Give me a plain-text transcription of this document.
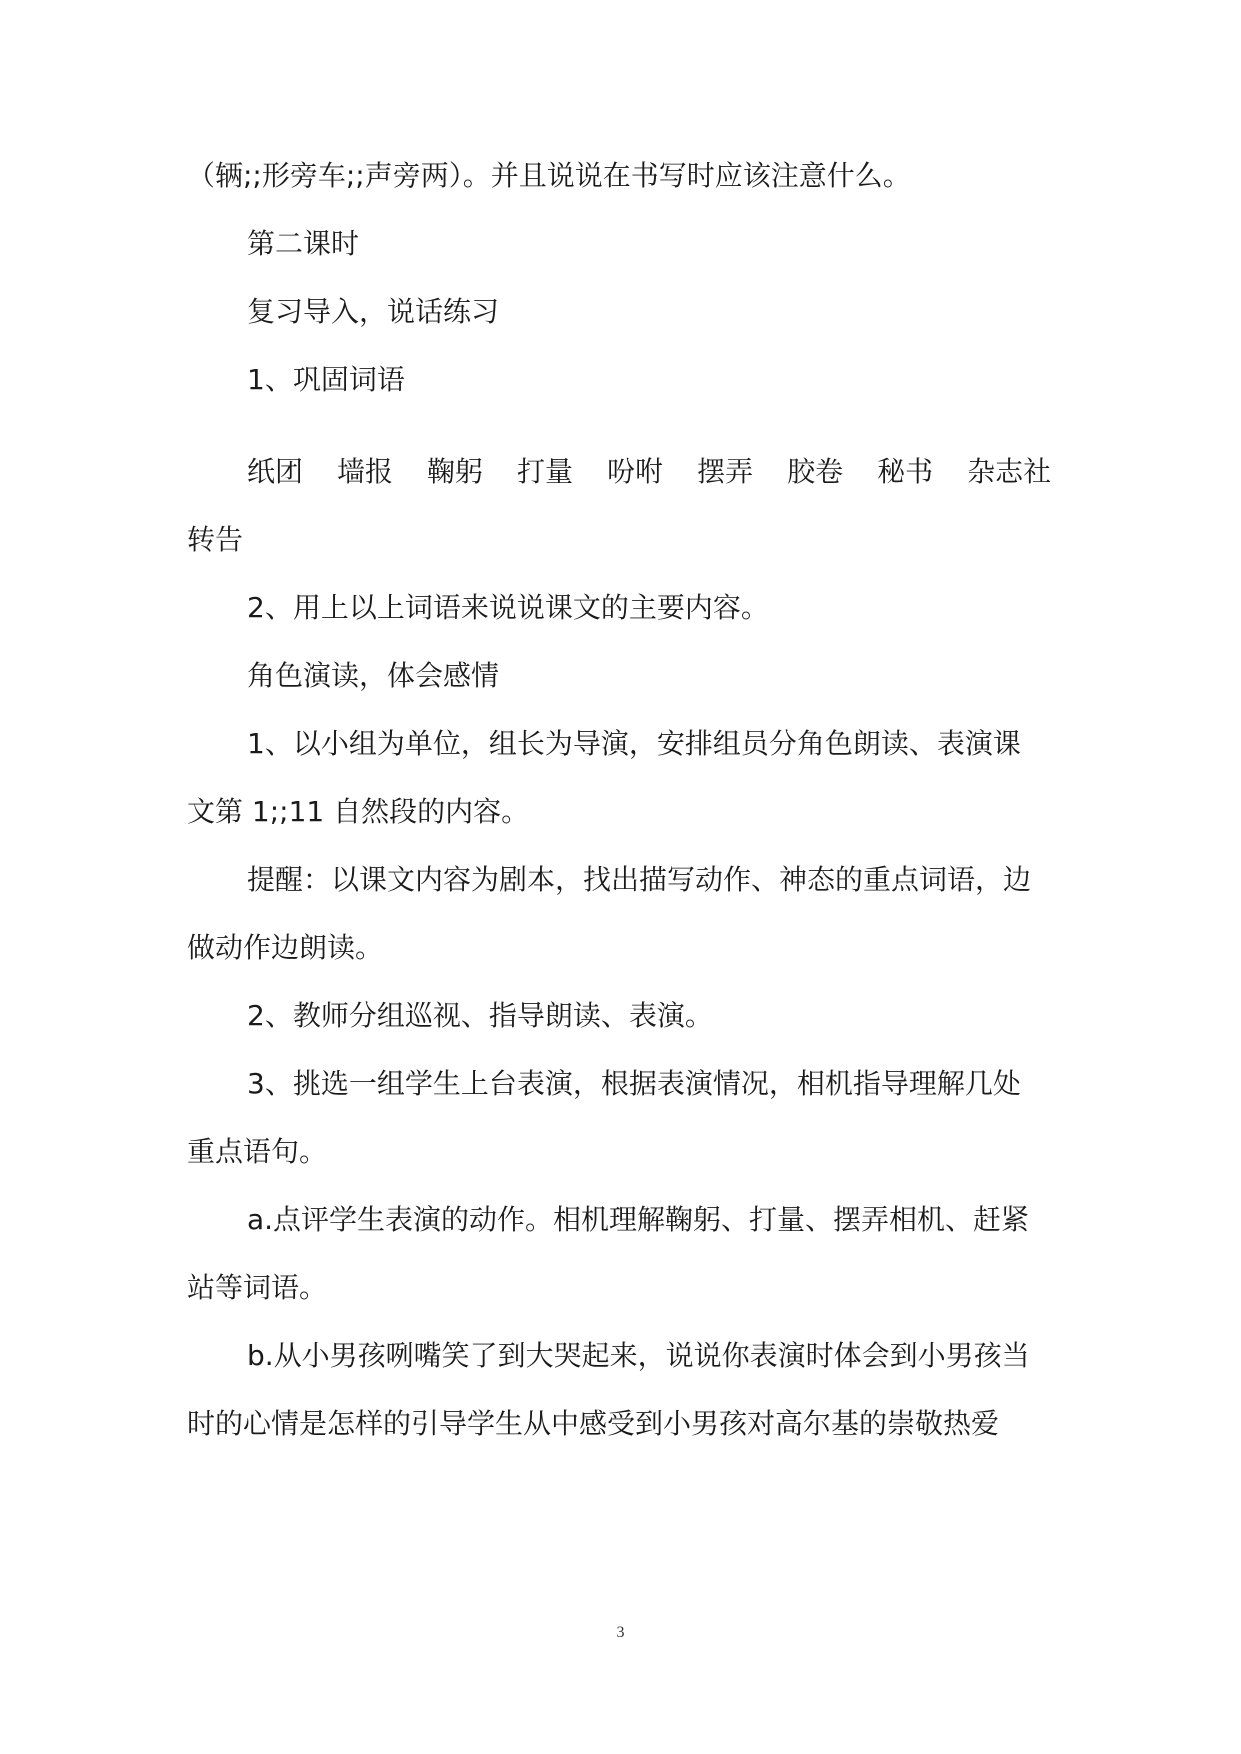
（辆;;形旁车;;声旁两）。并且说说在书写时应该注意什么。
第二课时
复习导入，说话练习
1、巩固词语
纸团 墙报 鞠躬 打量 吩咐 摆弄 胶卷 秘书 杂志社
转告
2、用上以上词语来说说课文的主要内容。
角色演读，体会感情
1、以小组为单位，组长为导演，安排组员分角色朗读、表演课
文第 1;;11 自然段的内容。
提醒：以课文内容为剧本，找出描写动作、神态的重点词语，边
做动作边朗读。
2、教师分组巡视、指导朗读、表演。
3、挑选一组学生上台表演，根据表演情况，相机指导理解几处
重点语句。
a.点评学生表演的动作。相机理解鞠躬、打量、摆弄相机、赶紧
站等词语。
b.从小男孩咧嘴笑了到大哭起来，说说你表演时体会到小男孩当
时的心情是怎样的引导学生从中感受到小男孩对高尔基的崇敬热爱
3
